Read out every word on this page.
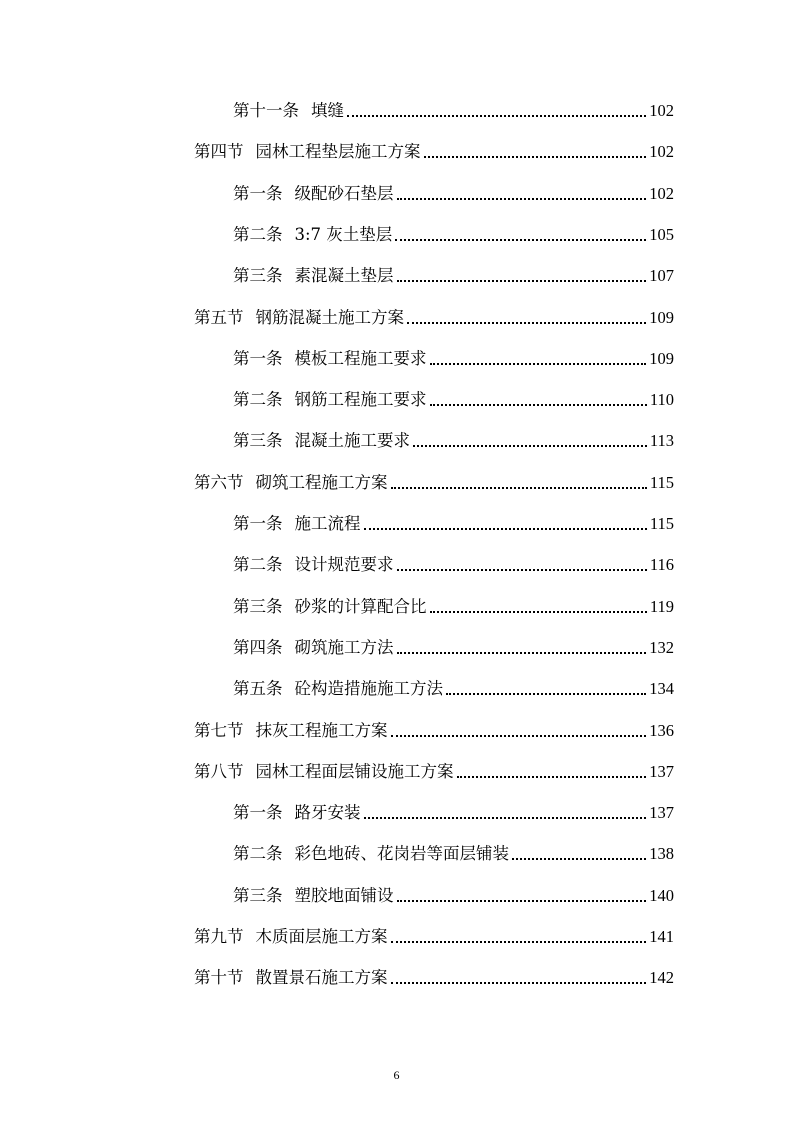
第十一条 填缝	102
第四节 园林工程垫层施工方案	102
第一条 级配砂石垫层	102
第二条 3:7 灰土垫层	105
第三条 素混凝土垫层	107
第五节 钢筋混凝土施工方案	109
第一条 模板工程施工要求	109
第二条 钢筋工程施工要求	110
第三条 混凝土施工要求	113
第六节 砌筑工程施工方案	115
第一条 施工流程	115
第二条 设计规范要求	116
第三条 砂浆的计算配合比	119
第四条 砌筑施工方法	132
第五条 砼构造措施施工方法	134
第七节 抹灰工程施工方案	136
第八节 园林工程面层铺设施工方案	137
第一条 路牙安装	137
第二条 彩色地砖、花岗岩等面层铺装	138
第三条 塑胶地面铺设	140
第九节 木质面层施工方案	141
第十节 散置景石施工方案	142
6
